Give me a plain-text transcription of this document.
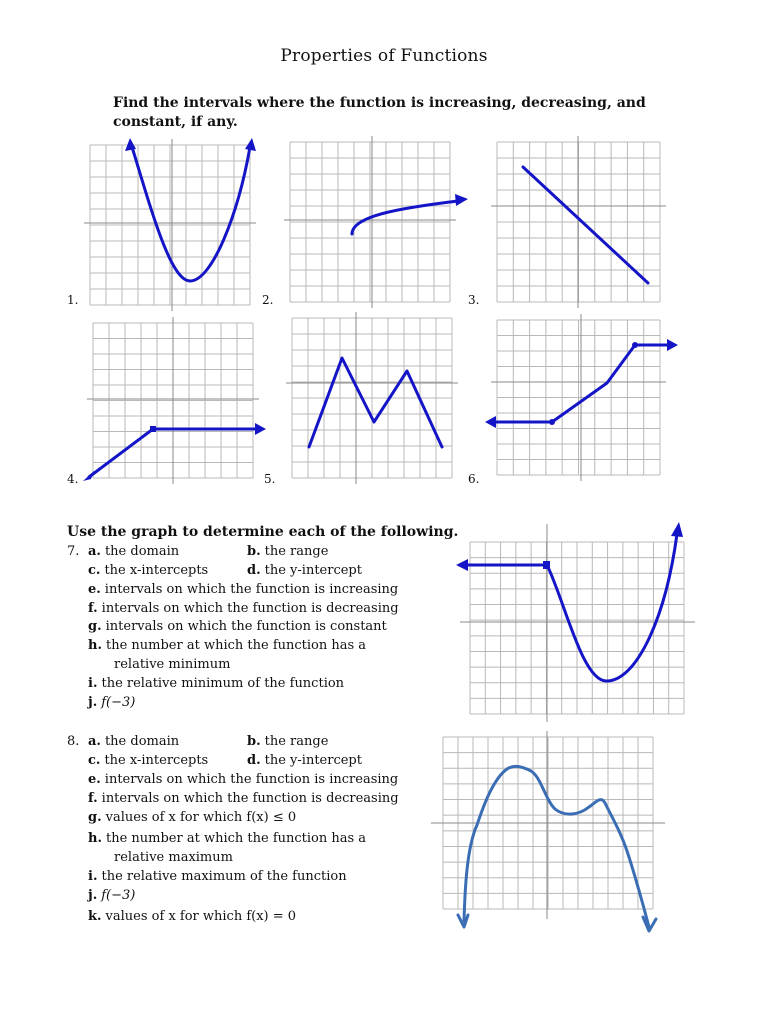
Properties of Functions
Find the intervals where the function is increasing, decreasing, and constant, if any.
1.	2.	3.
4.	5.	6.
Use the graph to determine each of the following.
7. a. the domain	b. the range
c. the x-intercepts	d. the y-intercept
e. intervals on which the function is increasing
f. intervals on which the function is decreasing
g. intervals on which the function is constant
h. the number at which the function has a
relative minimum
i. the relative minimum of the function
j. f(−3)
8. a. the domain	b. the range
c. the x-intercepts	d. the y-intercept
e. intervals on which the function is increasing
f. intervals on which the function is decreasing
g. values of x for which f(x) ≤ 0
h. the number at which the function has a
relative maximum
i. the relative maximum of the function
j. f(−3)
k. values of x for which f(x) = 0
